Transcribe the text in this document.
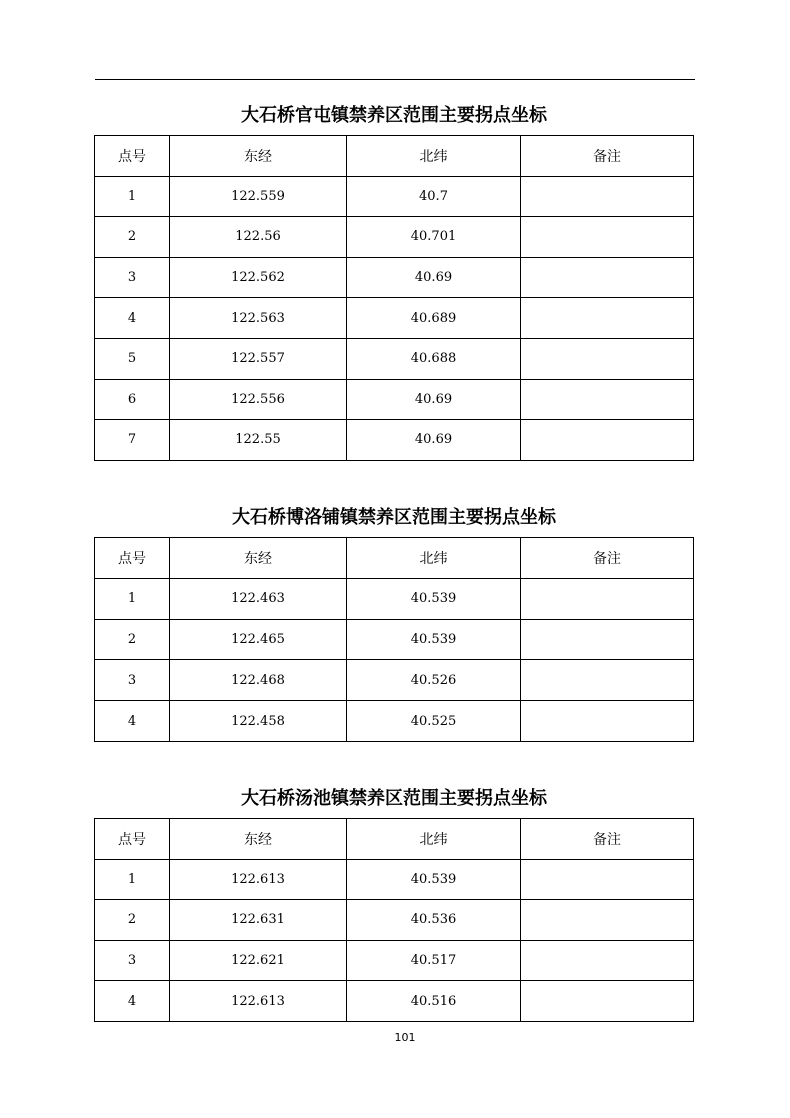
大石桥官屯镇禁养区范围主要拐点坐标
点号	东经	北纬	备注
1	122.559	40.7	
2	122.56	40.701	
3	122.562	40.69	
4	122.563	40.689	
5	122.557	40.688	
6	122.556	40.69	
7	122.55	40.69	
大石桥博洛铺镇禁养区范围主要拐点坐标
点号	东经	北纬	备注
1	122.463	40.539	
2	122.465	40.539	
3	122.468	40.526	
4	122.458	40.525	
大石桥汤池镇禁养区范围主要拐点坐标
点号	东经	北纬	备注
1	122.613	40.539	
2	122.631	40.536	
3	122.621	40.517	
4	122.613	40.516	
101
